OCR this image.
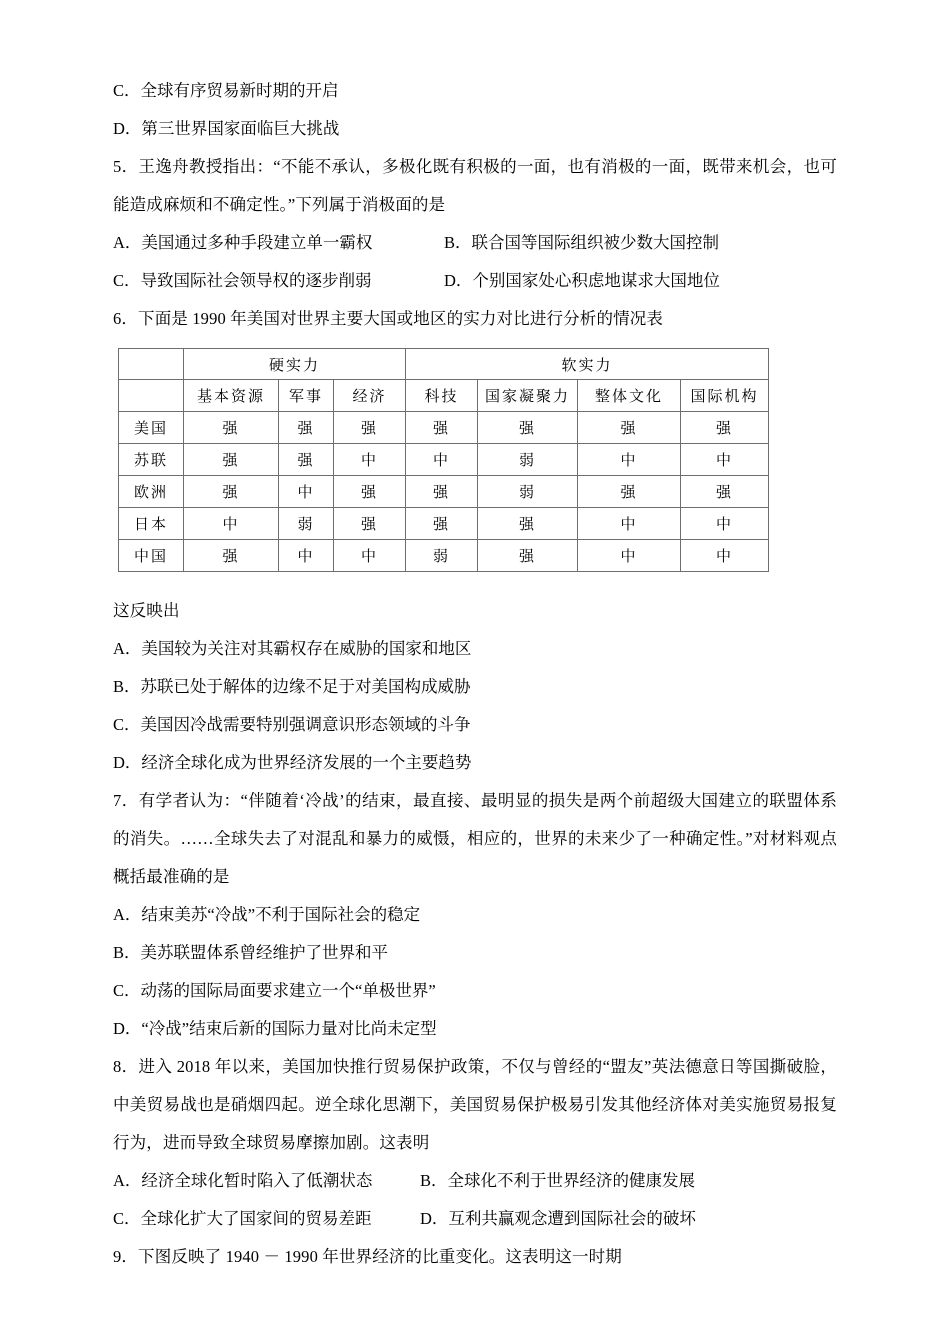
C．全球有序贸易新时期的开启
D．第三世界国家面临巨大挑战
5．王逸舟教授指出：“不能不承认，多极化既有积极的一面，也有消极的一面，既带来机会，也可能造成麻烦和不确定性。”下列属于消极面的是
A．美国通过多种手段建立单一霸权	B．联合国等国际组织被少数大国控制
C．导致国际社会领导权的逐步削弱	D．个别国家处心积虑地谋求大国地位
6．下面是 1990 年美国对世界主要大国或地区的实力对比进行分析的情况表
	硬实力			软实力			
	基本资源	军事	经济	科技	国家凝聚力	整体文化	国际机构
美国	强	强	强	强	强	强	强
苏联	强	强	中	中	弱	中	中
欧洲	强	中	强	强	弱	强	强
日本	中	弱	强	强	强	中	中
中国	强	中	中	弱	强	中	中
这反映出
A．美国较为关注对其霸权存在威胁的国家和地区
B．苏联已处于解体的边缘不足于对美国构成威胁
C．美国因冷战需要特别强调意识形态领域的斗争
D．经济全球化成为世界经济发展的一个主要趋势
7．有学者认为：“伴随着‘冷战’的结束，最直接、最明显的损失是两个前超级大国建立的联盟体系的消失。……全球失去了对混乱和暴力的威慑，相应的，世界的未来少了一种确定性。”对材料观点概括最准确的是
A．结束美苏“冷战”不利于国际社会的稳定
B．美苏联盟体系曾经维护了世界和平
C．动荡的国际局面要求建立一个“单极世界”
D．“冷战”结束后新的国际力量对比尚未定型
8．进入 2018 年以来，美国加快推行贸易保护政策，不仅与曾经的“盟友”英法德意日等国撕破脸，中美贸易战也是硝烟四起。逆全球化思潮下，美国贸易保护极易引发其他经济体对美实施贸易报复行为，进而导致全球贸易摩擦加剧。这表明
A．经济全球化暂时陷入了低潮状态	B．全球化不利于世界经济的健康发展
C．全球化扩大了国家间的贸易差距	D．互利共赢观念遭到国际社会的破坏
9．下图反映了 1940 － 1990 年世界经济的比重变化。这表明这一时期
